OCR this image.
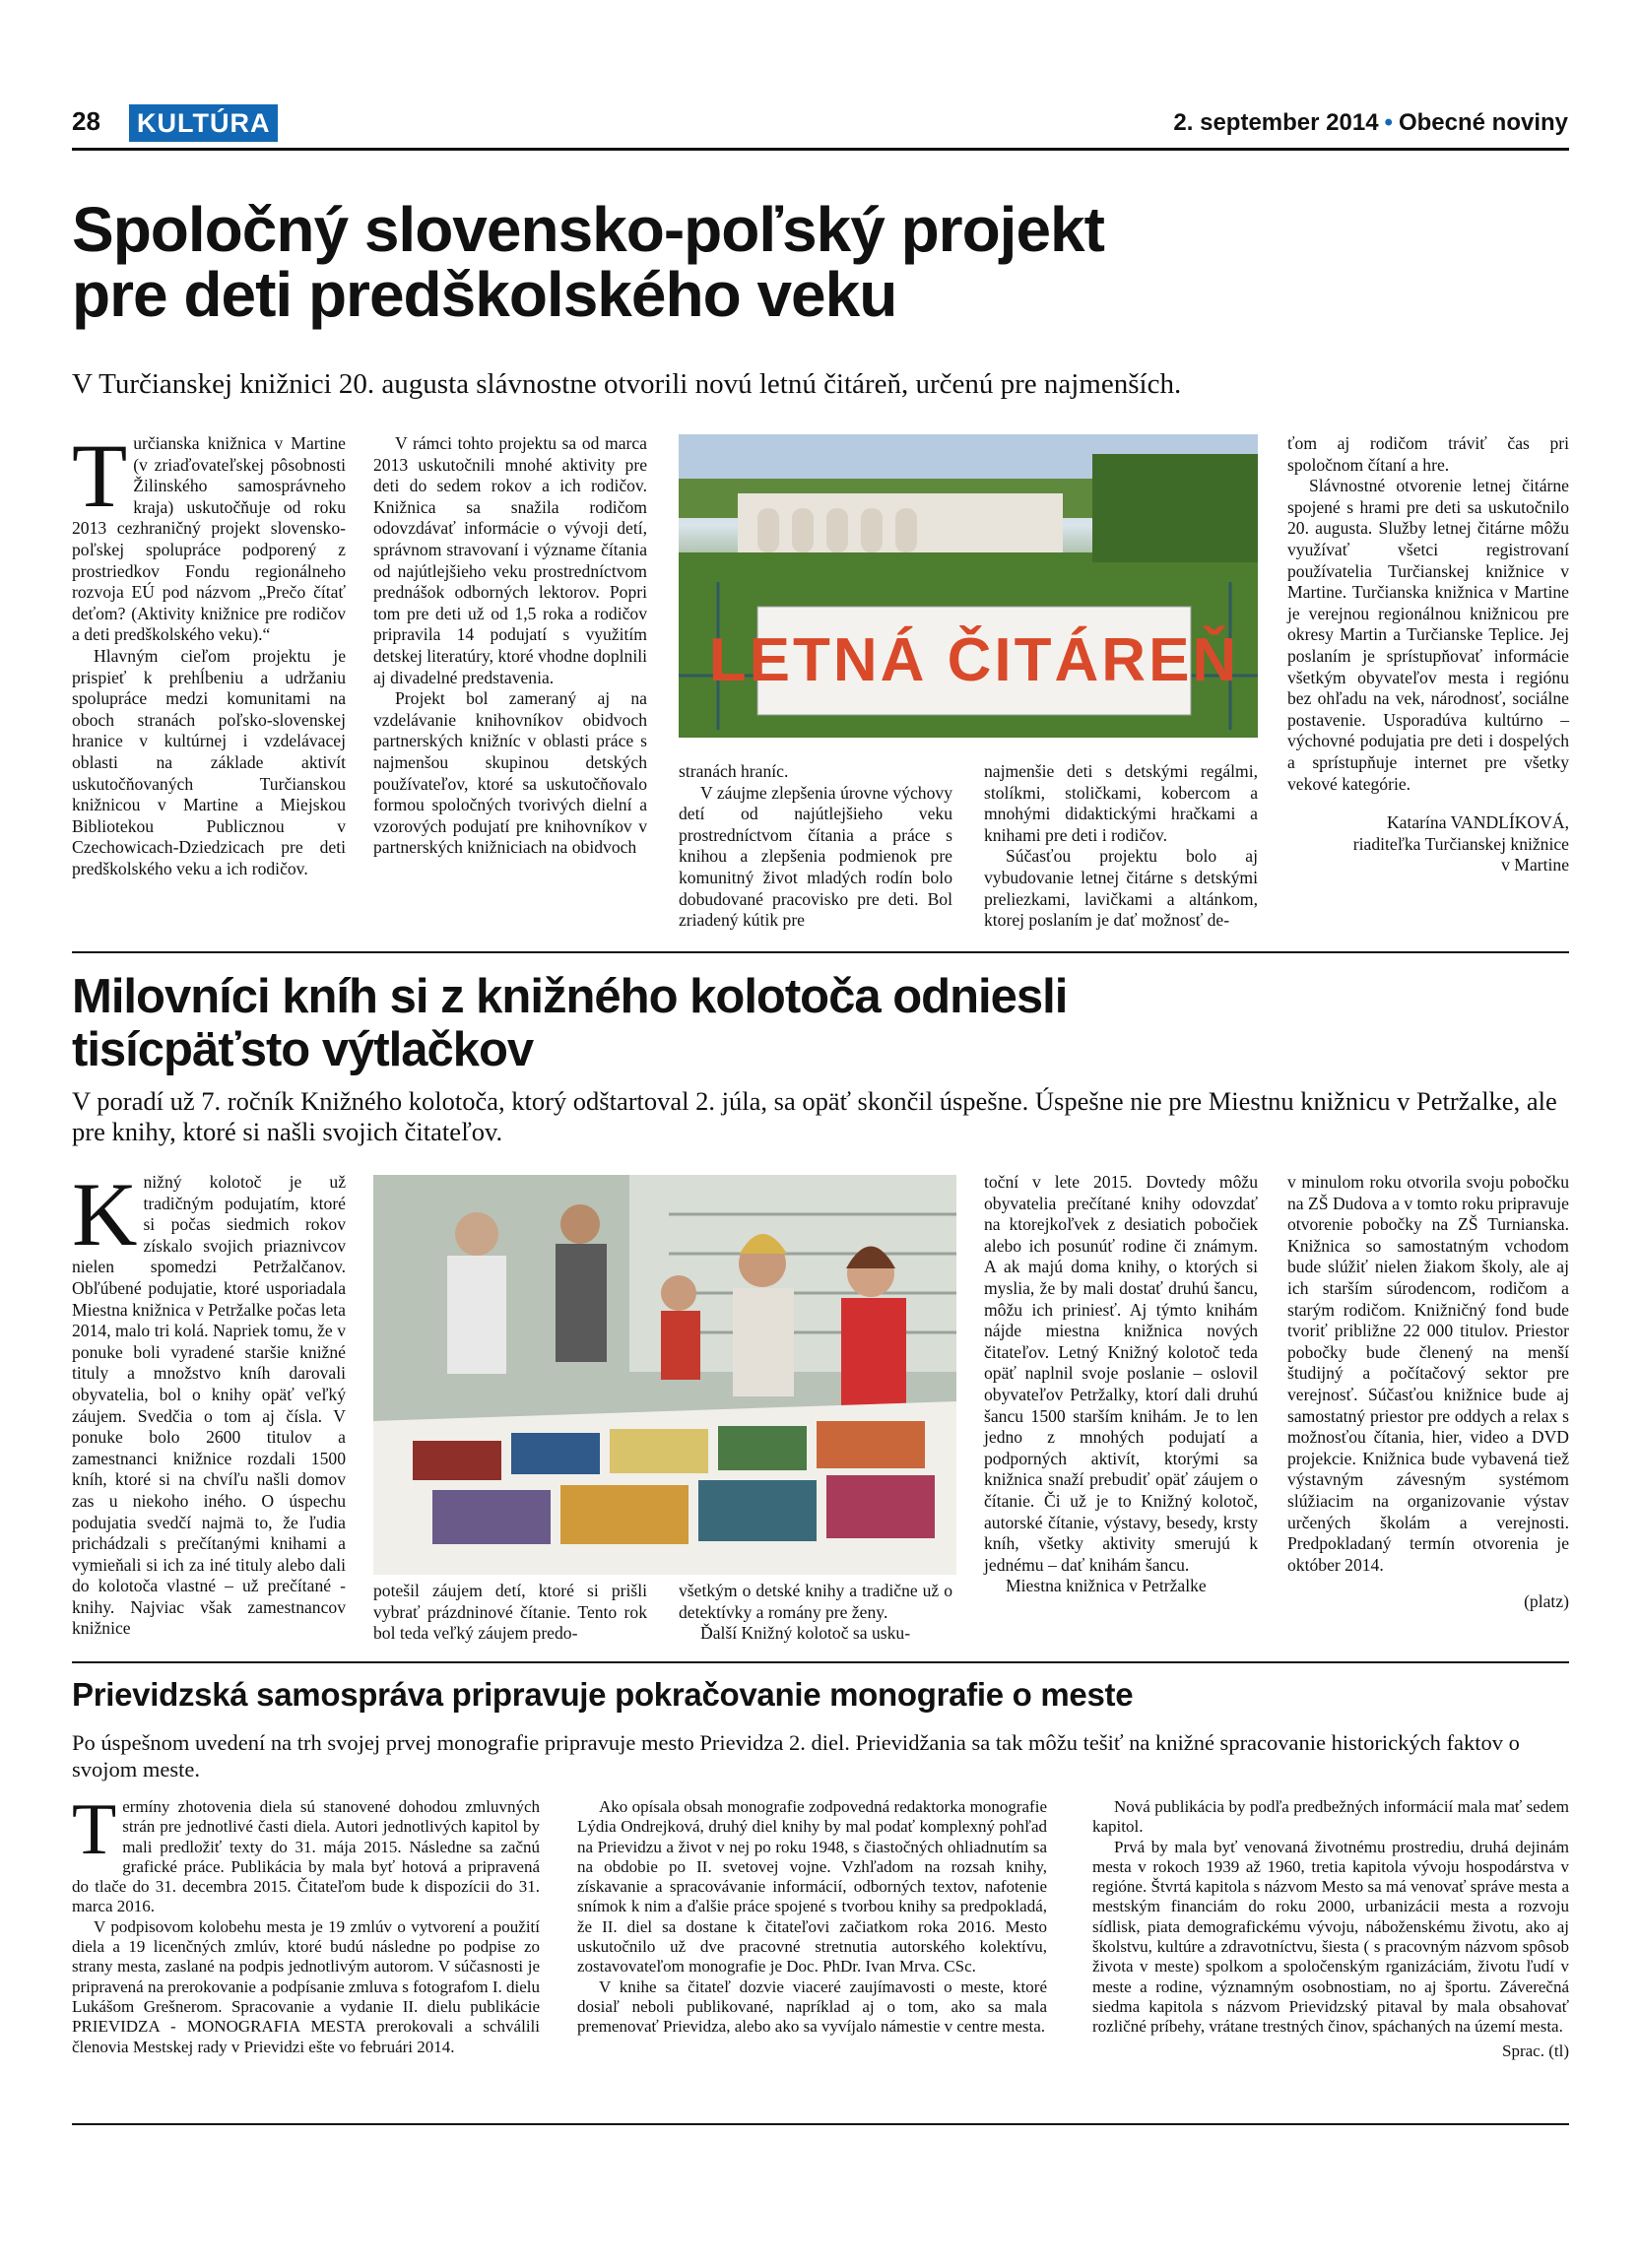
28 KULTÚRA	2. september 2014 • Obecné noviny
Spoločný slovensko-poľský projekt
pre deti predškolského veku
V Turčianskej knižnici 20. augusta slávnostne otvorili novú letnú čitáreň, určenú pre najmenších.

Turčianska knižnica v Martine (v zriaďovateľskej pôsobnosti Žilinského samosprávneho kraja) uskutočňuje od roku 2013 cezhraničný projekt slovensko-poľskej spolupráce podporený z prostriedkov Fondu regionálneho rozvoja EÚ pod názvom „Prečo čítať deťom? (Aktivity knižnice pre rodičov a deti predškolského veku).“

Hlavným cieľom projektu je prispieť k prehĺbeniu a udržaniu spolupráce medzi komunitami na oboch stranách poľsko-slovenskej hranice v kultúrnej i vzdelávacej oblasti na základe aktivít uskutočňovaných Turčianskou knižnicou v Martine a Miejskou Bibliotekou Publicznou v Czechowicach-Dziedzicach pre deti predškolského veku a ich rodičov.

V rámci tohto projektu sa od marca 2013 uskutočnili mnohé aktivity pre deti do sedem rokov a ich rodičov. Knižnica sa snažila rodičom odovzdávať informácie o vývoji detí, správnom stravovaní i význame čítania od najútlejšieho veku prostredníctvom prednášok odborných lektorov. Popri tom pre deti už od 1,5 roka a rodičov pripravila 14 podujatí s využitím detskej literatúry, ktoré vhodne doplnili aj divadelné predstavenia.

Projekt bol zameraný aj na vzdelávanie knihovníkov obidvoch partnerských knižníc v oblasti práce s najmenšou skupinou detských používateľov, ktoré sa uskutočňovalo formou spoločných tvorivých dielní a vzorových podujatí pre knihovníkov v partnerských knižniciach na obidvoch

LETNÁ ČITÁREŇ

stranách hraníc.

V záujme zlepšenia úrovne výchovy detí od najútlejšieho veku prostredníctvom čítania a práce s knihou a zlepšenia podmienok pre komunitný život mladých rodín bolo dobudované pracovisko pre deti. Bol zriadený kútik pre

najmenšie deti s detskými regálmi, stolíkmi, stoličkami, kobercom a mnohými didaktickými hračkami a knihami pre deti i rodičov.

Súčasťou projektu bolo aj vybudovanie letnej čitárne s detskými preliezkami, lavičkami a altánkom, ktorej poslaním je dať možnosť de-

ťom aj rodičom tráviť čas pri spoločnom čítaní a hre.

Slávnostné otvorenie letnej čitárne spojené s hrami pre deti sa uskutočnilo 20. augusta. Služby letnej čitárne môžu využívať všetci registrovaní používatelia Turčianskej knižnice v Martine. Turčianska knižnica v Martine je verejnou regionálnou knižnicou pre okresy Martin a Turčianske Teplice. Jej poslaním je sprístupňovať informácie všetkým obyvateľov mesta i regiónu bez ohľadu na vek, národnosť, sociálne postavenie. Usporadúva kultúrno – výchovné podujatia pre deti i dospelých a sprístupňuje internet pre všetky vekové kategórie.

Katarína VANDLÍKOVÁ,

riaditeľka Turčianskej knižnice

v Martine

Milovníci kníh si z knižného kolotoča odniesli
tisícpäťsto výtlačkov
V poradí už 7. ročník Knižného kolotoča, ktorý odštartoval 2. júla, sa opäť skončil úspešne. Úspešne nie pre Miestnu knižnicu v Petržalke, ale pre knihy, ktoré si našli svojich čitateľov.

Knižný kolotoč je už tradičným podujatím, ktoré si počas siedmich rokov získalo svojich priaznivcov nielen spomedzi Petržalčanov. Obľúbené podujatie, ktoré usporiadala Miestna knižnica v Petržalke počas leta 2014, malo tri kolá. Napriek tomu, že v ponuke boli vyradené staršie knižné tituly a množstvo kníh darovali obyvatelia, bol o knihy opäť veľký záujem. Svedčia o tom aj čísla. V ponuke bolo 2600 titulov a zamestnanci knižnice rozdali 1500 kníh, ktoré si na chvíľu našli domov zas u niekoho iného. O úspechu podujatia svedčí najmä to, že ľudia prichádzali s prečítanými knihami a vymieňali si ich za iné tituly alebo dali do kolotoča vlastné – už prečítané - knihy. Najviac však zamestnancov knižnice

potešil záujem detí, ktoré si prišli vybrať prázdninové čítanie. Tento rok bol teda veľký záujem predo-

všetkým o detské knihy a tradične už o detektívky a romány pre ženy.

Ďalší Knižný kolotoč sa usku-

toční v lete 2015. Dovtedy môžu obyvatelia prečítané knihy odovzdať na ktorejkoľvek z desiatich pobočiek alebo ich posunúť rodine či známym. A ak majú doma knihy, o ktorých si myslia, že by mali dostať druhú šancu, môžu ich priniesť. Aj týmto knihám nájde miestna knižnica nových čitateľov. Letný Knižný kolotoč teda opäť naplnil svoje poslanie – oslovil obyvateľov Petržalky, ktorí dali druhú šancu 1500 starším knihám. Je to len jedno z mnohých podujatí a podporných aktivít, ktorými sa knižnica snaží prebudiť opäť záujem o čítanie. Či už je to Knižný kolotoč, autorské čítanie, výstavy, besedy, krsty kníh, všetky aktivity smerujú k jednému – dať knihám šancu.

Miestna knižnica v Petržalke

v minulom roku otvorila svoju pobočku na ZŠ Dudova a v tomto roku pripravuje otvorenie pobočky na ZŠ Turnianska. Knižnica so samostatným vchodom bude slúžiť nielen žiakom školy, ale aj ich starším súrodencom, rodičom a starým rodičom. Knižničný fond bude tvoriť približne 22 000 titulov. Priestor pobočky bude členený na menší študijný a počítačový sektor pre verejnosť. Súčasťou knižnice bude aj samostatný priestor pre oddych a relax s možnosťou čítania, hier, video a DVD projekcie. Knižnica bude vybavená tiež výstavným závesným systémom slúžiacim na organizovanie výstav určených školám a verejnosti. Predpokladaný termín otvorenia je október 2014.

(platz)

Prievidzská samospráva pripravuje pokračovanie monografie o meste
Po úspešnom uvedení na trh svojej prvej monografie pripravuje mesto Prievidza 2. diel. Prievidžania sa tak môžu tešiť na knižné spracovanie historických faktov o svojom meste.

Termíny zhotovenia diela sú stanovené dohodou zmluvných strán pre jednotlivé časti diela. Autori jednotlivých kapitol by mali predložiť texty do 31. mája 2015. Následne sa začnú grafické práce. Publikácia by mala byť hotová a pripravená do tlače do 31. decembra 2015. Čitateľom bude k dispozícii do 31. marca 2016.

V podpisovom kolobehu mesta je 19 zmlúv o vytvorení a použití diela a 19 licenčných zmlúv, ktoré budú následne po podpise zo strany mesta, zaslané na podpis jednotlivým autorom. V súčasnosti je pripravená na prerokovanie a podpísanie zmluva s fotografom I. dielu Lukášom Grešnerom. Spracovanie a vydanie II. dielu publikácie PRIEVIDZA - MONOGRAFIA MESTA prerokovali a schválili členovia Mestskej rady v Prievidzi ešte vo februári 2014.

Ako opísala obsah monografie zodpovedná redaktorka monografie Lýdia Ondrejková, druhý diel knihy by mal podať komplexný pohľad na Prievidzu a život v nej po roku 1948, s čiastočných ohliadnutím sa na obdobie po II. svetovej vojne. Vzhľadom na rozsah knihy, získavanie a spracovávanie informácií, odborných textov, nafotenie snímok k nim a ďalšie práce spojené s tvorbou knihy sa predpokladá, že II. diel sa dostane k čitateľovi začiatkom roka 2016. Mesto uskutočnilo už dve pracovné stretnutia autorského kolektívu, zostavovateľom monografie je Doc. PhDr. Ivan Mrva. CSc.

V knihe sa čitateľ dozvie viaceré zaujímavosti o meste, ktoré dosiaľ neboli publikované, napríklad aj o tom, ako sa mala premenovať Prievidza, alebo ako sa vyvíjalo námestie v centre mesta.

Nová publikácia by podľa predbežných informácií mala mať sedem kapitol.

Prvá by mala byť venovaná životnému prostrediu, druhá dejinám mesta v rokoch 1939 až 1960, tretia kapitola vývoju hospodárstva v regióne. Štvrtá kapitola s názvom Mesto sa má venovať správe mesta a mestským financiám do roku 2000, urbanizácii mesta a rozvoju sídlisk, piata demografickému vývoju, náboženskému životu, ako aj školstvu, kultúre a zdravotníctvu, šiesta ( s pracovným názvom spôsob života v meste) spolkom a spoločenským rganizáciám, životu ľudí v meste a rodine, významným osobnostiam, no aj športu. Záverečná siedma kapitola s názvom Prievidzský pitaval by mala obsahovať rozličné príbehy, vrátane trestných činov, spáchaných na území mesta.

Sprac. (tl)
